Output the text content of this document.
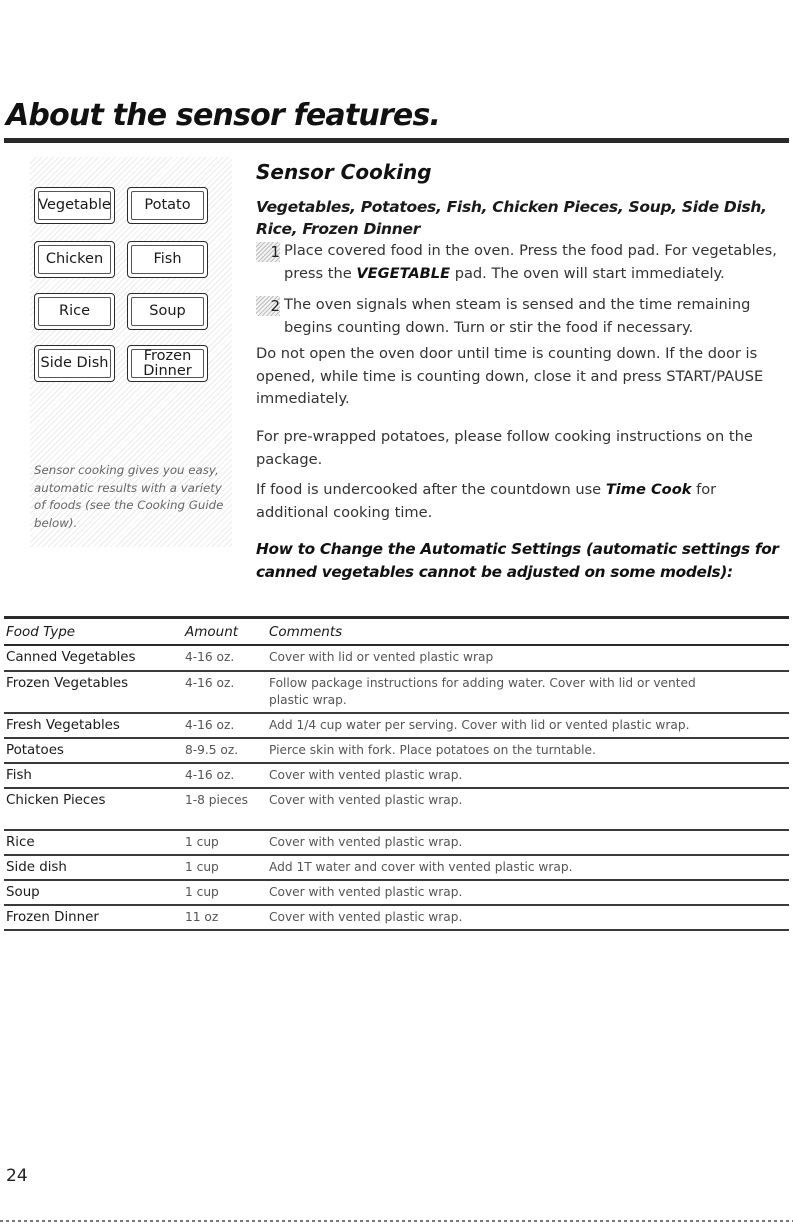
About the sensor features.
Vegetable Potato
Chicken	Fish
Rice	Soup
Side Dish	Frozen Dinner

Sensor cooking gives you easy, automatic results with a variety of foods (see the Cooking Guide below).

Sensor Cooking

Vegetables, Potatoes, Fish, Chicken Pieces, Soup, Side Dish, Rice, Frozen Dinner

1 Place covered food in the oven. Press the food pad. For vegetables, press the VEGETABLE pad. The oven will start immediately.

2 The oven signals when steam is sensed and the time remaining begins counting down. Turn or stir the food if necessary.

Do not open the oven door until time is counting down. If the door is opened, while time is counting down, close it and press START/PAUSE immediately.

For pre-wrapped potatoes, please follow cooking instructions on the package.

If food is undercooked after the countdown use Time Cook for additional cooking time.

How to Change the Automatic Settings (automatic settings for canned vegetables cannot be adjusted on some models):

Food Type	Amount	Comments
Canned Vegetables	4-16 oz.	Cover with lid or vented plastic wrap
Frozen Vegetables	4-16 oz.	Follow package instructions for adding water. Cover with lid or vented plastic wrap.
Fresh Vegetables	4-16 oz.	Add 1/4 cup water per serving. Cover with lid or vented plastic wrap.
Potatoes	8-9.5 oz.	Pierce skin with fork. Place potatoes on the turntable.
Fish	4-16 oz.	Cover with vented plastic wrap.
Chicken Pieces	1-8 pieces	Cover with vented plastic wrap.
Rice	1 cup	Cover with vented plastic wrap.
Side dish	1 cup	Add 1T water and cover with vented plastic wrap.
Soup	1 cup	Cover with vented plastic wrap.
Frozen Dinner	11 oz	Cover with vented plastic wrap.

24
